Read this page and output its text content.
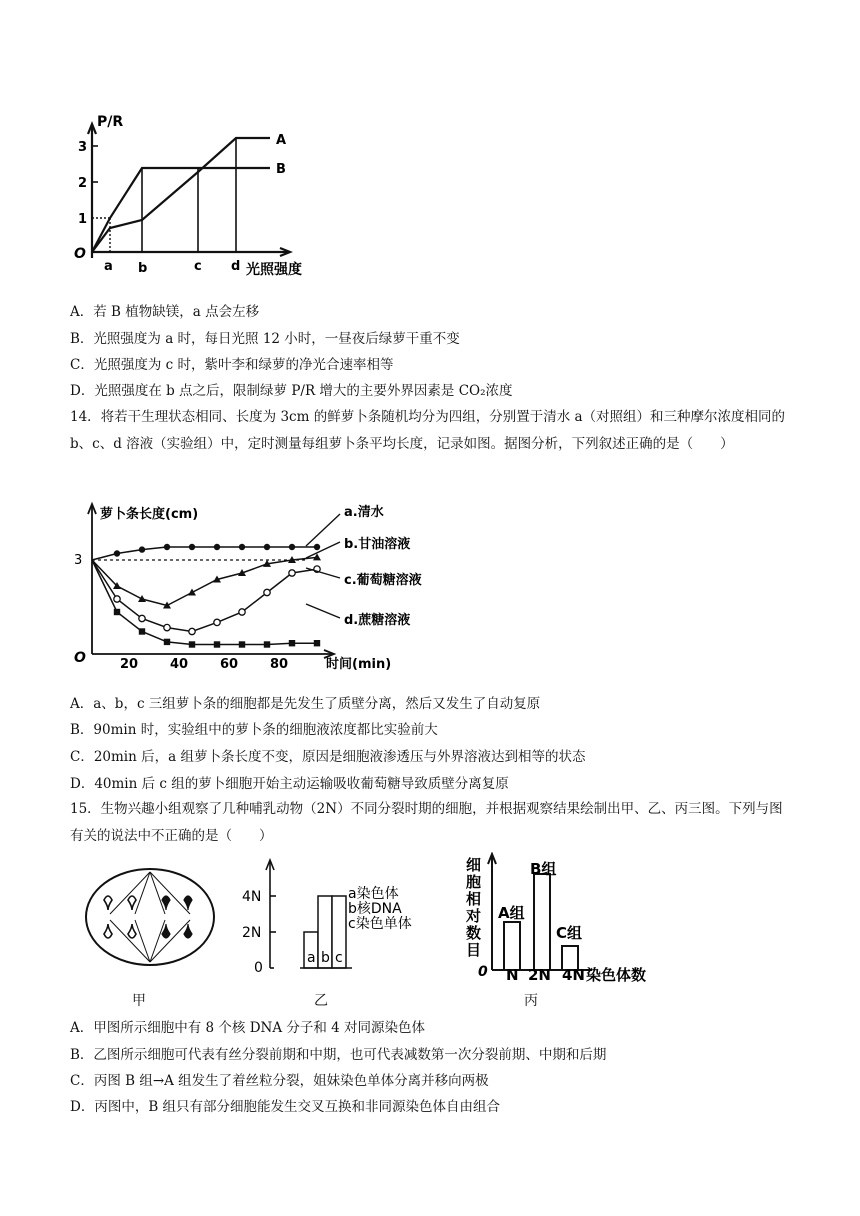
P/R
3
2
1
O
a b	c d 光照强度
A
B
A．若 B 植物缺镁，a 点会左移
B．光照强度为 a 时，每日光照 12 小时，一昼夜后绿萝干重不变
C．光照强度为 c 时，紫叶李和绿萝的净光合速率相等
D．光照强度在 b 点之后，限制绿萝 P/R 增大的主要外界因素是 CO₂浓度
14．将若干生理状态相同、长度为 3cm 的鲜萝卜条随机均分为四组，分别置于清水 a（对照组）和三种摩尔浓度相同的 b、c、d 溶液（实验组）中，定时测量每组萝卜条平均长度，记录如图。据图分析，下列叙述正确的是（　　）
萝卜条长度(cm)
3
O	20 40 60 80	时间(min)
a.清水
b.甘油溶液
c.葡萄糖溶液
d.蔗糖溶液
A．a、b，c 三组萝卜条的细胞都是先发生了质壁分离，然后又发生了自动复原
B．90min 时，实验组中的萝卜条的细胞液浓度都比实验前大
C．20min 后，a 组萝卜条长度不变，原因是细胞液渗透压与外界溶液达到相等的状态
D．40min 后 c 组的萝卜细胞开始主动运输吸收葡萄糖导致质壁分离复原
15．生物兴趣小组观察了几种哺乳动物（2N）不同分裂时期的细胞，并根据观察结果绘制出甲、乙、丙三图。下列与图有关的说法中不正确的是（　　）
a b c
4N
2N
0
a染色体
b核DNA
c染色单体
0 N 2N 4N 染色体数
A组
B组
C组
细
胞
相
对
数
目
甲	乙	丙
A．甲图所示细胞中有 8 个核 DNA 分子和 4 对同源染色体
B．乙图所示细胞可代表有丝分裂前期和中期，也可代表减数第一次分裂前期、中期和后期
C．丙图 B 组→A 组发生了着丝粒分裂，姐妹染色单体分离并移向两极
D．丙图中，B 组只有部分细胞能发生交叉互换和非同源染色体自由组合
